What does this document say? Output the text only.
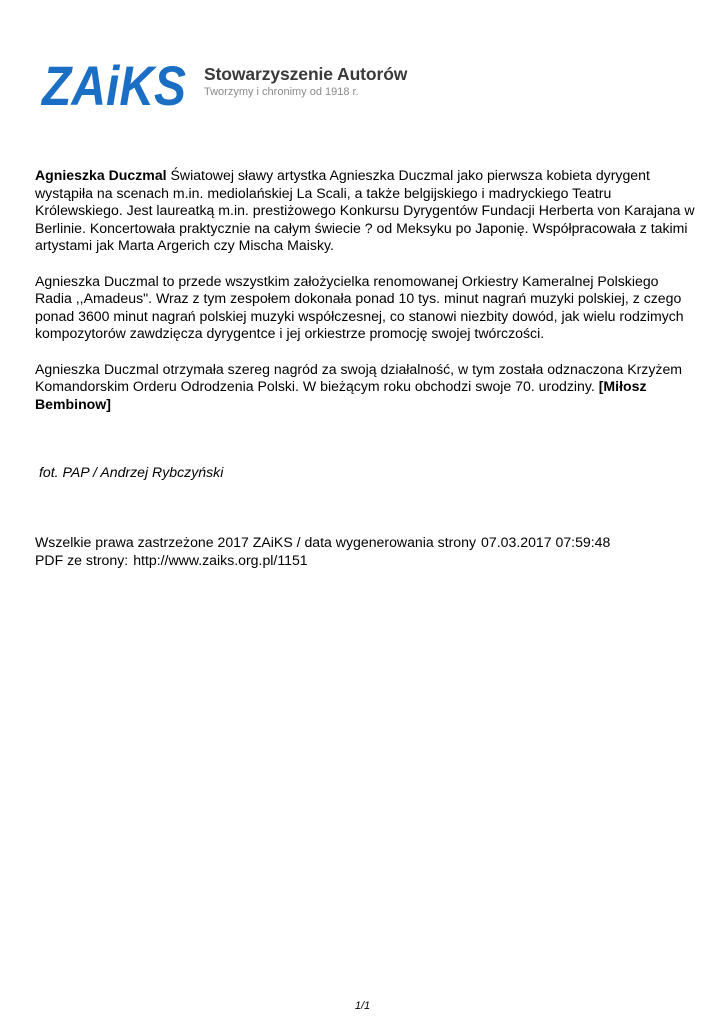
ZAiKS Stowarzyszenie Autorów
Tworzymy i chronimy od 1918 r.

Agnieszka Duczmal Światowej sławy artystka Agnieszka Duczmal jako pierwsza kobieta dyrygent wystąpiła na scenach m.in. mediolańskiej La Scali, a także belgijskiego i madryckiego Teatru Królewskiego. Jest laureatką m.in. prestiżowego Konkursu Dyrygentów Fundacji Herberta von Karajana w Berlinie. Koncertowała praktycznie na całym świecie ? od Meksyku po Japonię. Współpracowała z takimi artystami jak Marta Argerich czy Mischa Maisky.

Agnieszka Duczmal to przede wszystkim założycielka renomowanej Orkiestry Kameralnej Polskiego Radia ,,Amadeus". Wraz z tym zespołem dokonała ponad 10 tys. minut nagrań muzyki polskiej, z czego ponad 3600 minut nagrań polskiej muzyki współczesnej, co stanowi niezbity dowód, jak wielu rodzimych kompozytorów zawdzięcza dyrygentce i jej orkiestrze promocję swojej twórczości.

Agnieszka Duczmal otrzymała szereg nagród za swoją działalność, w tym została odznaczona Krzyżem Komandorskim Orderu Odrodzenia Polski. W bieżącym roku obchodzi swoje 70. urodziny. [Miłosz Bembinow]

fot. PAP / Andrzej Rybczyński
Wszelkie prawa zastrzeżone 2017 ZAiKS / data wygenerowania strony 07.03.2017 07:59:48
PDF ze strony: http://www.zaiks.org.pl/1151
1/1
